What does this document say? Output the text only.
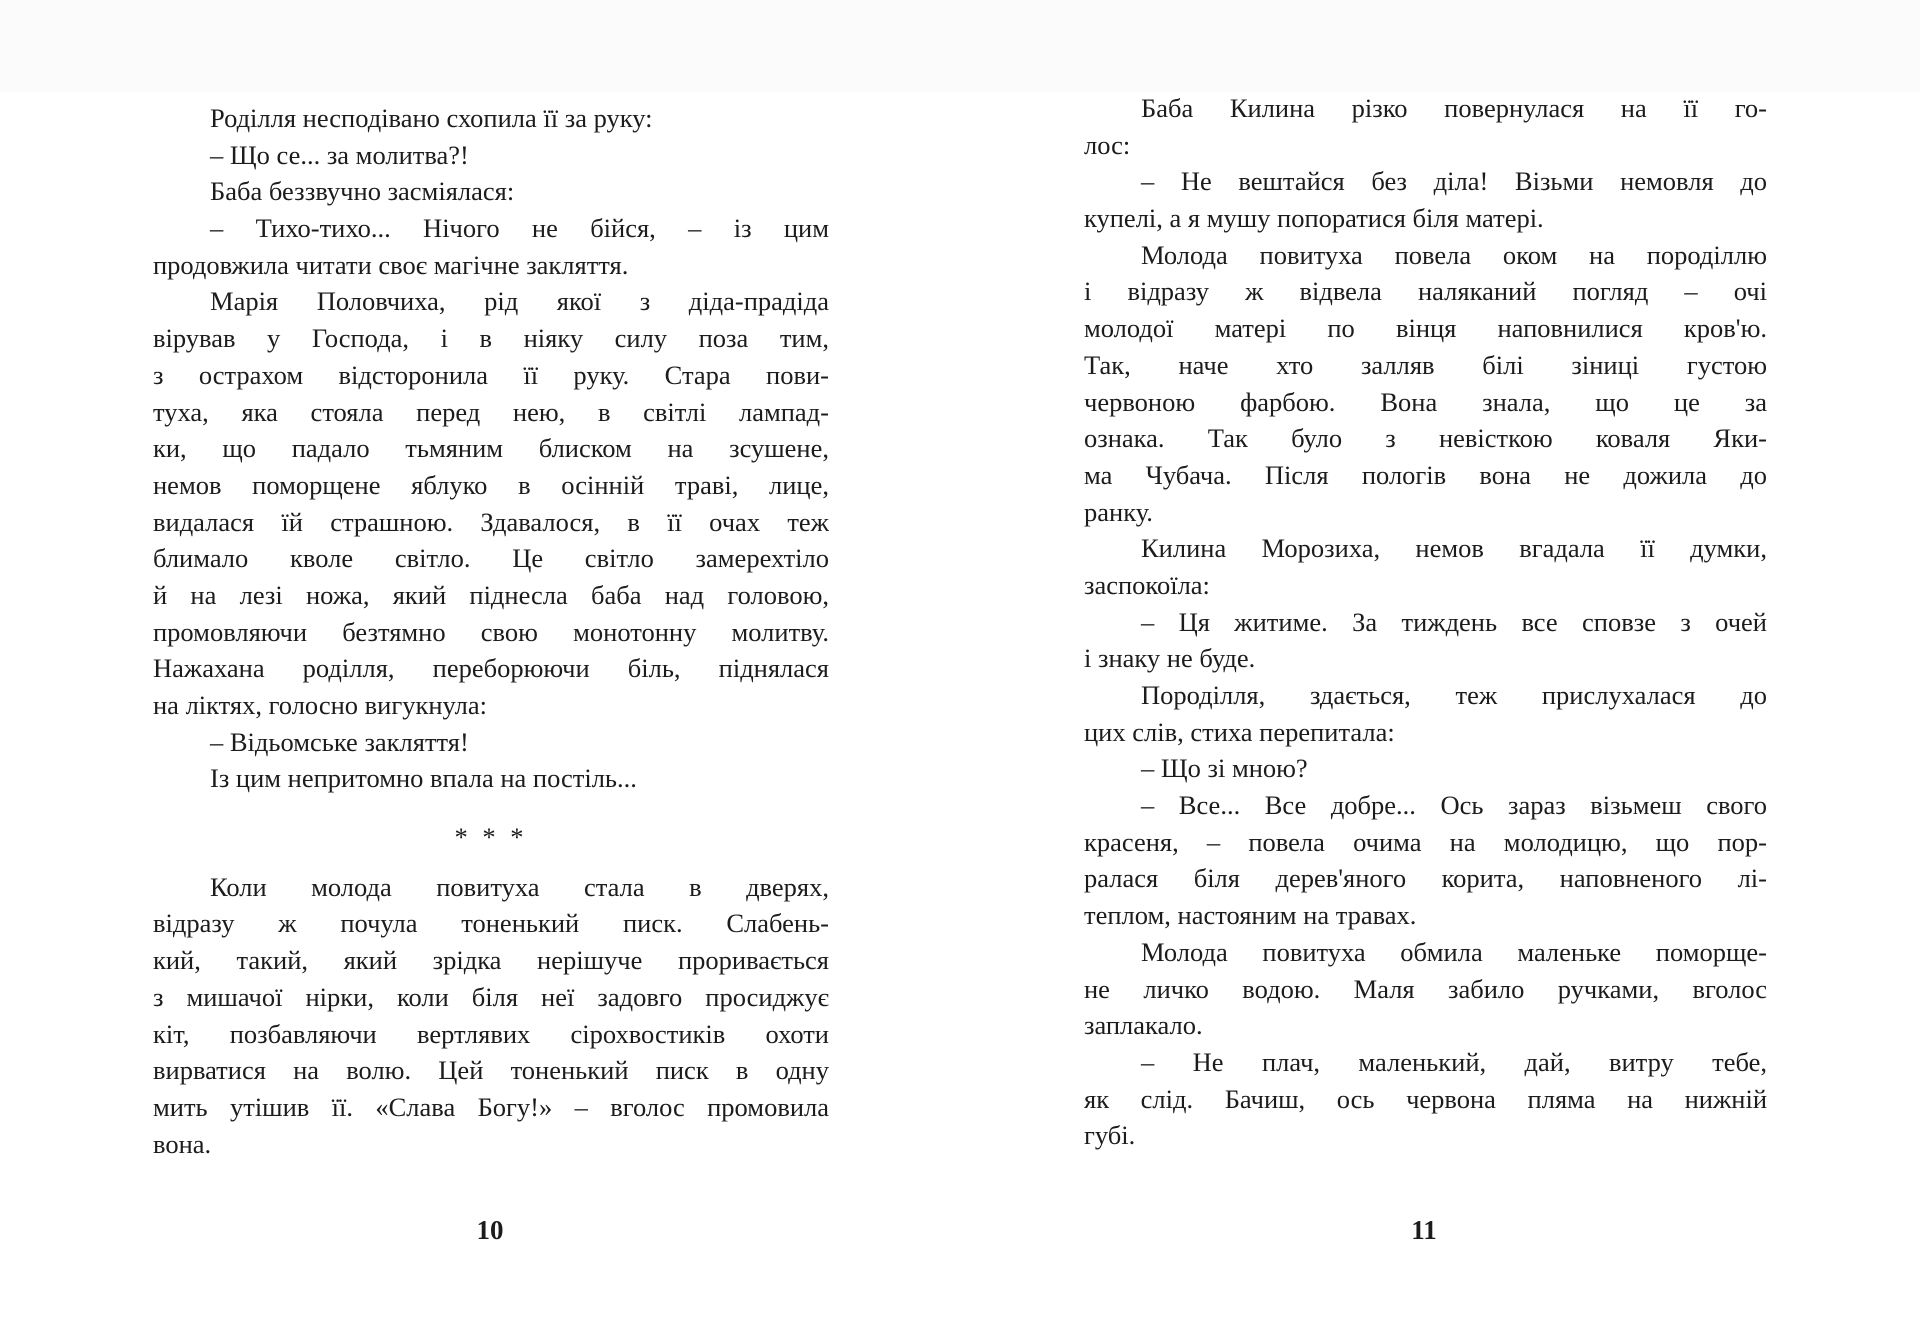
Роділля несподівано схопила її за руку:
– Що се... за молитва?!
Баба беззвучно засміялася:
– Тихо-тихо... Нічого не бійся, – із цим
продовжила читати своє магічне закляття.
Марія Половчиха, рід якої з діда-прадіда
вірував у Господа, і в ніяку силу поза тим,
з острахом відсторонила її руку. Стара пови-
туха, яка стояла перед нею, в світлі лампад-
ки, що падало тьмяним блиском на зсушене,
немов поморщене яблуко в осінній траві, лице,
видалася їй страшною. Здавалося, в її очах теж
блимало кволе світло. Це світло замерехтіло
й на лезі ножа, який піднесла баба над головою,
промовляючи безтямно свою монотонну молитву.
Нажахана роділля, переборюючи біль, піднялася
на ліктях, голосно вигукнула:
– Відьомське закляття!
Із цим непритомно впала на постіль...
* * *
Коли молода повитуха стала в дверях,
відразу ж почула тоненький писк. Слабень-
кий, такий, який зрідка нерішуче проривається
з мишачої нірки, коли біля неї задовго просиджує
кіт, позбавляючи вертлявих сірохвостиків охоти
вирватися на волю. Цей тоненький писк в одну
мить утішив її. «Слава Богу!» – вголос промовила
вона.
Баба Килина різко повернулася на її го-
лос:
– Не вештайся без діла! Візьми немовля до
купелі, а я мушу попоратися біля матері.
Молода повитуха повела оком на породіллю
і відразу ж відвела наляканий погляд – очі
молодої матері по вінця наповнилися кров'ю.
Так, наче хто залляв білі зіниці густою
червоною фарбою. Вона знала, що це за
ознака. Так було з невісткою коваля Яки-
ма Чубача. Після пологів вона не дожила до
ранку.
Килина Морозиха, немов вгадала її думки,
заспокоїла:
– Ця житиме. За тиждень все сповзе з очей
і знаку не буде.
Породілля, здається, теж прислухалася до
цих слів, стиха перепитала:
– Що зі мною?
– Все... Все добре... Ось зараз візьмеш свого
красеня, – повела очима на молодицю, що пор-
ралася біля дерев'яного корита, наповненого лі-
теплом, настояним на травах.
Молода повитуха обмила маленьке поморще-
не личко водою. Маля забило ручками, вголос
заплакало.
– Не плач, маленький, дай, витру тебе,
як слід. Бачиш, ось червона пляма на нижній
губі.
10	11
